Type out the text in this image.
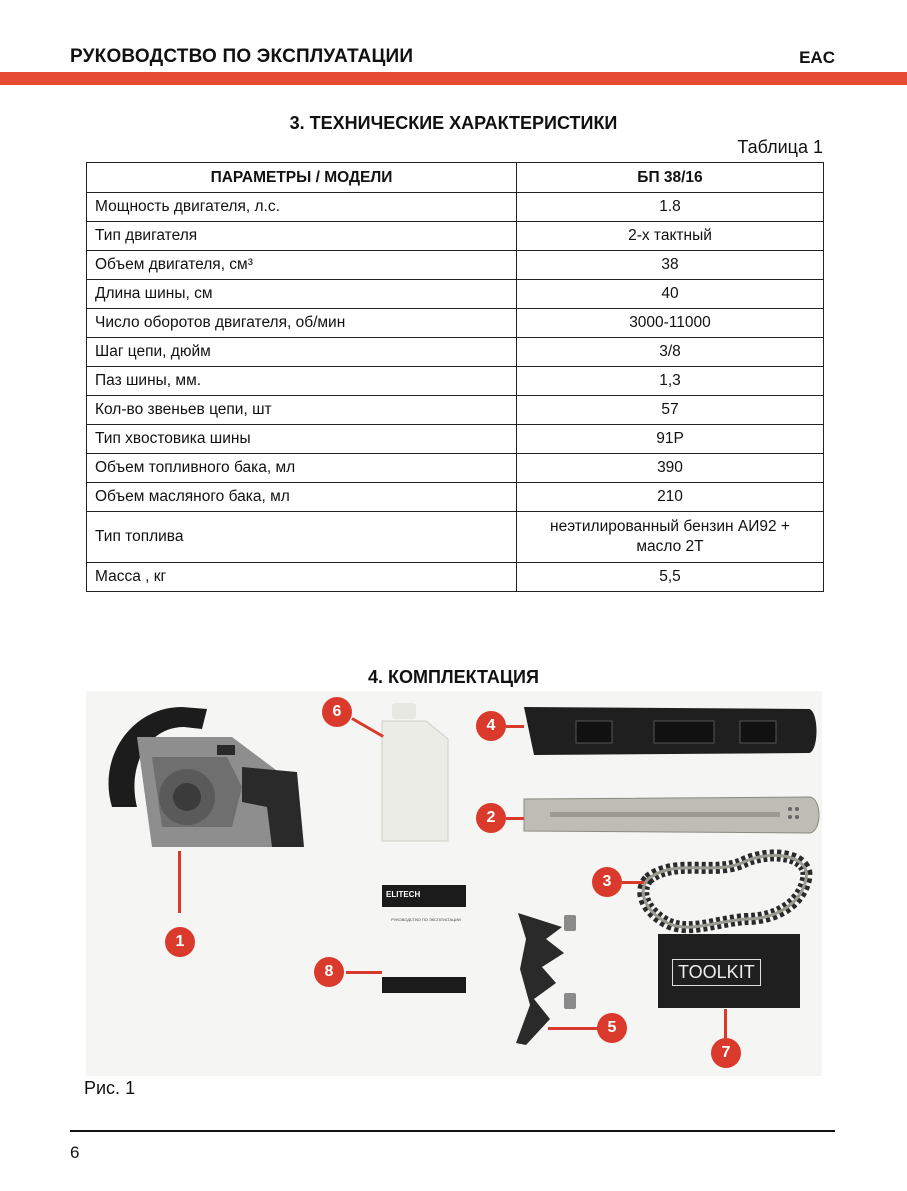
РУКОВОДСТВО ПО ЭКСПЛУАТАЦИИ	EAC
3. ТЕХНИЧЕСКИЕ ХАРАКТЕРИСТИКИ
Таблица 1
ПАРАМЕТРЫ / МОДЕЛИ	БП 38/16
Мощность двигателя, л.с.	1.8
Тип двигателя	2-х тактный
Объем двигателя, см³	38
Длина шины, см	40
Число оборотов двигателя, об/мин	3000-11000
Шаг цепи, дюйм	3/8
Паз шины, мм.	1,3
Кол-во звеньев цепи, шт	57
Тип хвостовика шины	91P
Объем топливного бака, мл	390
Объем масляного бака, мл	210
Тип топлива	неэтилированный бензин АИ92 +
масло 2Т
Масса , кг	5,5
4. КОМПЛЕКТАЦИЯ
1
6
4
2
3
ELITECH
РУКОВОДСТВО ПО ЭКСПЛУАТАЦИИ
8
5
TOOLKIT
7
Рис. 1
6
